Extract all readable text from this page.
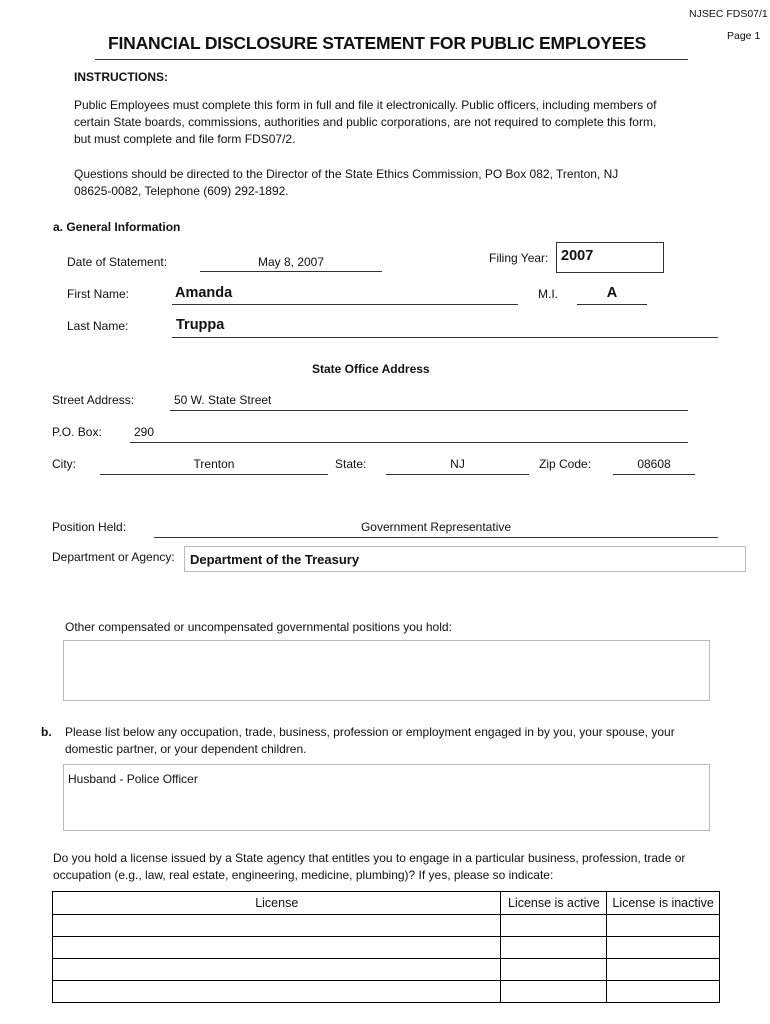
NJSEC FDS07/1
Page 1
FINANCIAL DISCLOSURE STATEMENT FOR PUBLIC EMPLOYEES
INSTRUCTIONS:
Public Employees must complete this form in full and file it electronically. Public officers, including members of
certain State boards, commissions, authorities and public corporations, are not required to complete this form,
but must complete and file form FDS07/2.
Questions should be directed to the Director of the State Ethics Commission, PO Box 082, Trenton, NJ
08625-0082, Telephone (609) 292-1892.
a. General Information
Date of Statement:	May 8, 2007	Filing Year: 2007
First Name:	Amanda	M.I.	A
Last Name:	Truppa
State Office Address
Street Address:	50 W. State Street
P.O. Box:	290
City:	Trenton	State:	NJ	Zip Code:	08608
Position Held:	Government Representative
Department or Agency:	Department of the Treasury
Other compensated or uncompensated governmental positions you hold:
b. Please list below any occupation, trade, business, profession or employment engaged in by you, your spouse, your
domestic partner, or your dependent children.
Husband - Police Officer
Do you hold a license issued by a State agency that entitles you to engage in a particular business, profession, trade or
occupation (e.g., law, real estate, engineering, medicine, plumbing)? If yes, please so indicate:
License	License is active	License is inactive
